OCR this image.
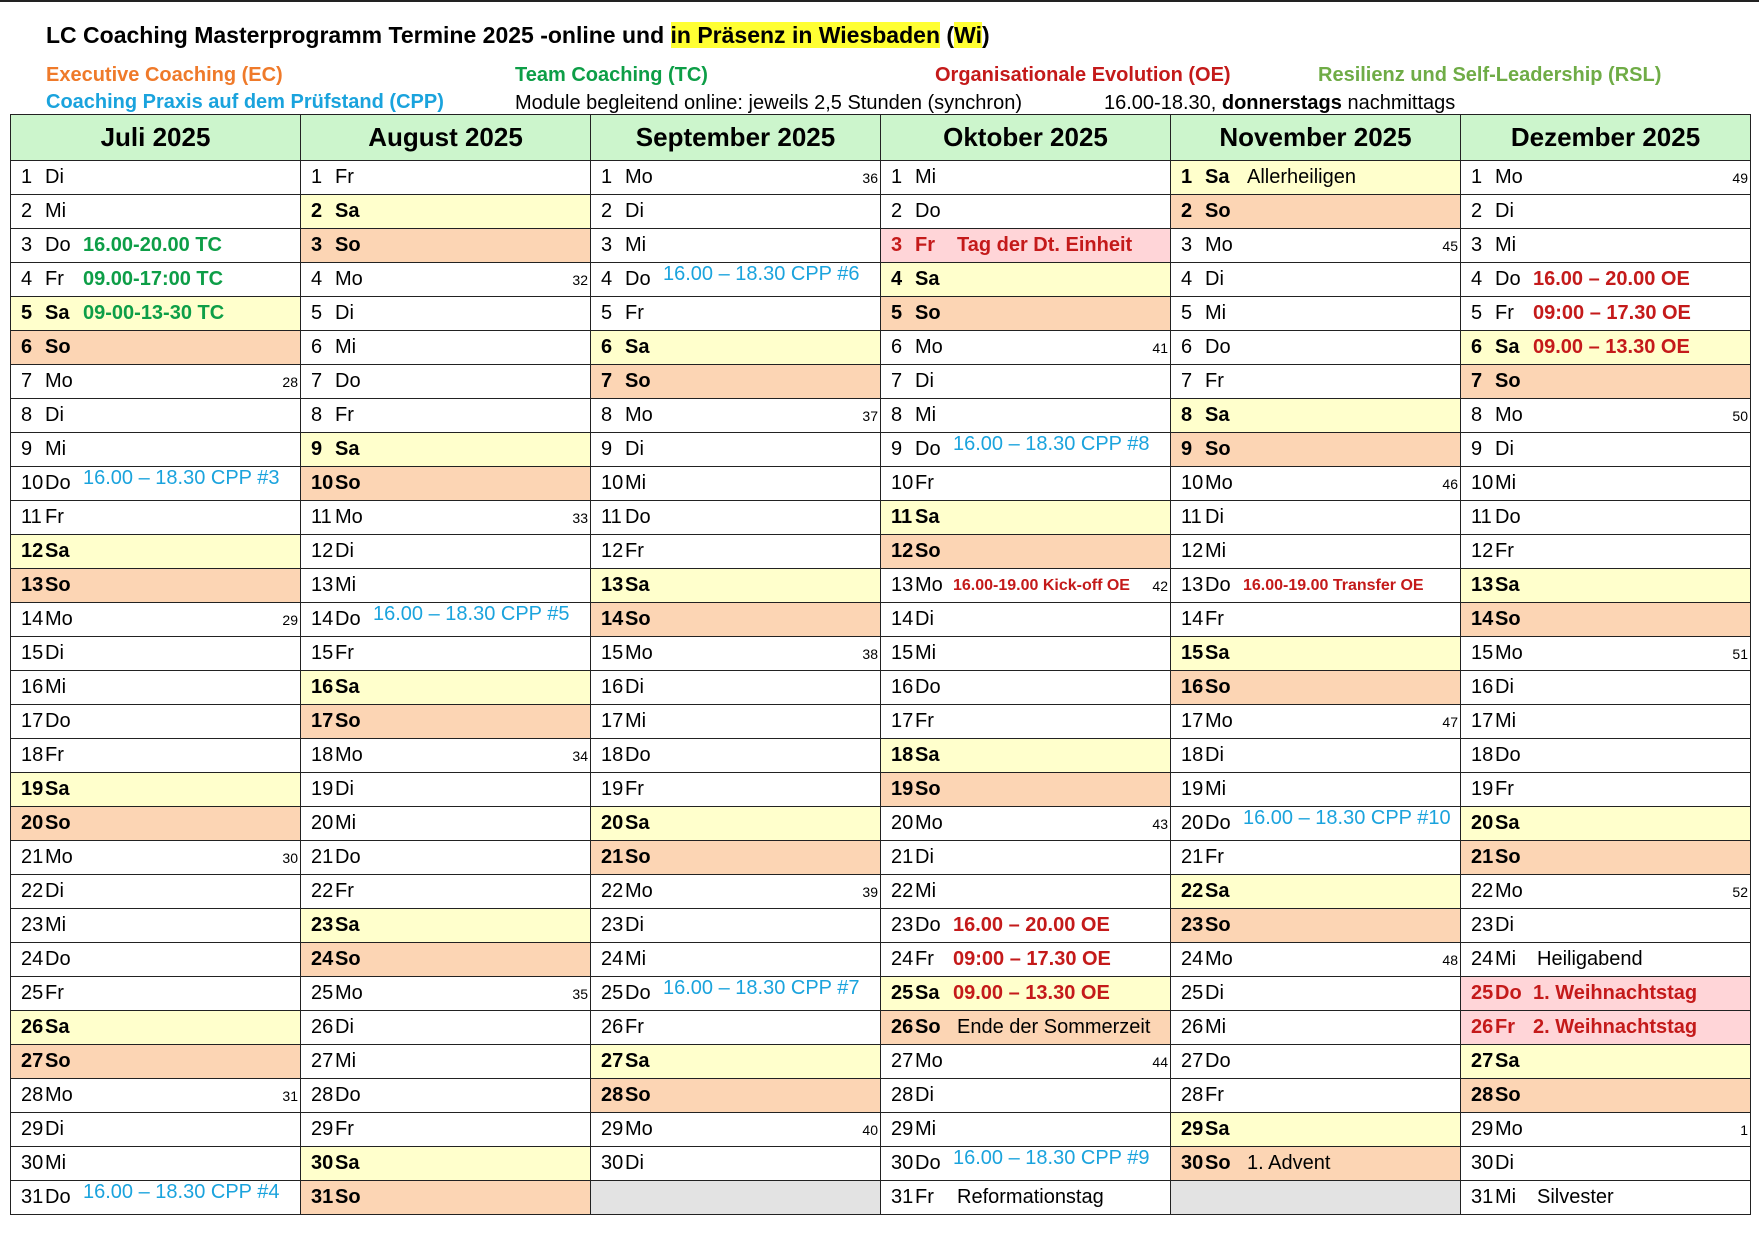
LC Coaching Masterprogramm Termine 2025 -online und in Präsenz in Wiesbaden (Wi)
Executive Coaching (EC)	Team Coaching (TC)	Organisationale Evolution (OE)	Resilienz und Self-Leadership (RSL)
Coaching Praxis auf dem Prüfstand (CPP)	Module begleitend online: jeweils 2,5 Stunden (synchron)	16.00-18.30, donnerstags nachmittags
Juli 2025	August 2025	September 2025	Oktober 2025	November 2025	Dezember 2025

1 Di	1 Fr	1 Mo 36	1 Mi	1 Sa Allerheiligen	1 Mo 49

2 Mi	2 Sa	2 Di	2 Do	2 So	2 Di

3 Do 16.00-20.00 TC	3 So	3 Mi	3 Fr Tag der Dt. Einheit	3 Mo 45	3 Mi

4 Fr 09.00-17:00 TC	4 Mo 32	4 Do 16.00 – 18.30 CPP #6	4 Sa	4 Di	4 Do 16.00 – 20.00 OE

5 Sa 09-00-13-30 TC	5 Di	5 Fr	5 So	5 Mi	5 Fr 09:00 – 17.30 OE

6 So	6 Mi	6 Sa	6 Mo 41	6 Do	6 Sa 09.00 – 13.30 OE

7 Mo 28	7 Do	7 So	7 Di	7 Fr	7 So

8 Di	8 Fr	8 Mo 37	8 Mi	8 Sa	8 Mo 50

9 Mi	9 Sa	9 Di	9 Do 16.00 – 18.30 CPP #8	9 So	9 Di

10 Do 16.00 – 18.30 CPP #3	10 So	10 Mi	10 Fr	10 Mo 46	10 Mi

11 Fr	11 Mo 33	11 Do	11 Sa	11 Di	11 Do

12 Sa	12 Di	12 Fr	12 So	12 Mi	12 Fr

13 So	13 Mi	13 Sa	13 Mo 16.00-19.00 Kick-off OE 42	13 Do 16.00-19.00 Transfer OE	13 Sa

14 Mo 29	14 Do 16.00 – 18.30 CPP #5	14 So	14 Di	14 Fr	14 So

15 Di	15 Fr	15 Mo 38	15 Mi	15 Sa	15 Mo 51

16 Mi	16 Sa	16 Di	16 Do	16 So	16 Di

17 Do	17 So	17 Mi	17 Fr	17 Mo 47	17 Mi

18 Fr	18 Mo 34	18 Do	18 Sa	18 Di	18 Do

19 Sa	19 Di	19 Fr	19 So	19 Mi	19 Fr

20 So	20 Mi	20 Sa	20 Mo 43	20 Do 16.00 – 18.30 CPP #10	20 Sa

21 Mo 30	21 Do	21 So	21 Di	21 Fr	21 So

22 Di	22 Fr	22 Mo 39	22 Mi	22 Sa	22 Mo 52

23 Mi	23 Sa	23 Di	23 Do 16.00 – 20.00 OE	23 So	23 Di

24 Do	24 So	24 Mi	24 Fr 09:00 – 17.30 OE	24 Mo 48	24 Mi Heiligabend

25 Fr	25 Mo 35	25 Do 16.00 – 18.30 CPP #7	25 Sa 09.00 – 13.30 OE	25 Di	25 Do 1. Weihnachtstag

26 Sa	26 Di	26 Fr	26 So Ende der Sommerzeit	26 Mi	26 Fr 2. Weihnachtstag

27 So	27 Mi	27 Sa	27 Mo 44	27 Do	27 Sa

28 Mo 31	28 Do	28 So	28 Di	28 Fr	28 So

29 Di	29 Fr	29 Mo 40	29 Mi	29 Sa	29 Mo 1

30 Mi	30 Sa	30 Di	30 Do 16.00 – 18.30 CPP #9	30 So 1. Advent	30 Di

31 Do 16.00 – 18.30 CPP #4	31 So		31 Fr Reformationstag		31 Mi Silvester
